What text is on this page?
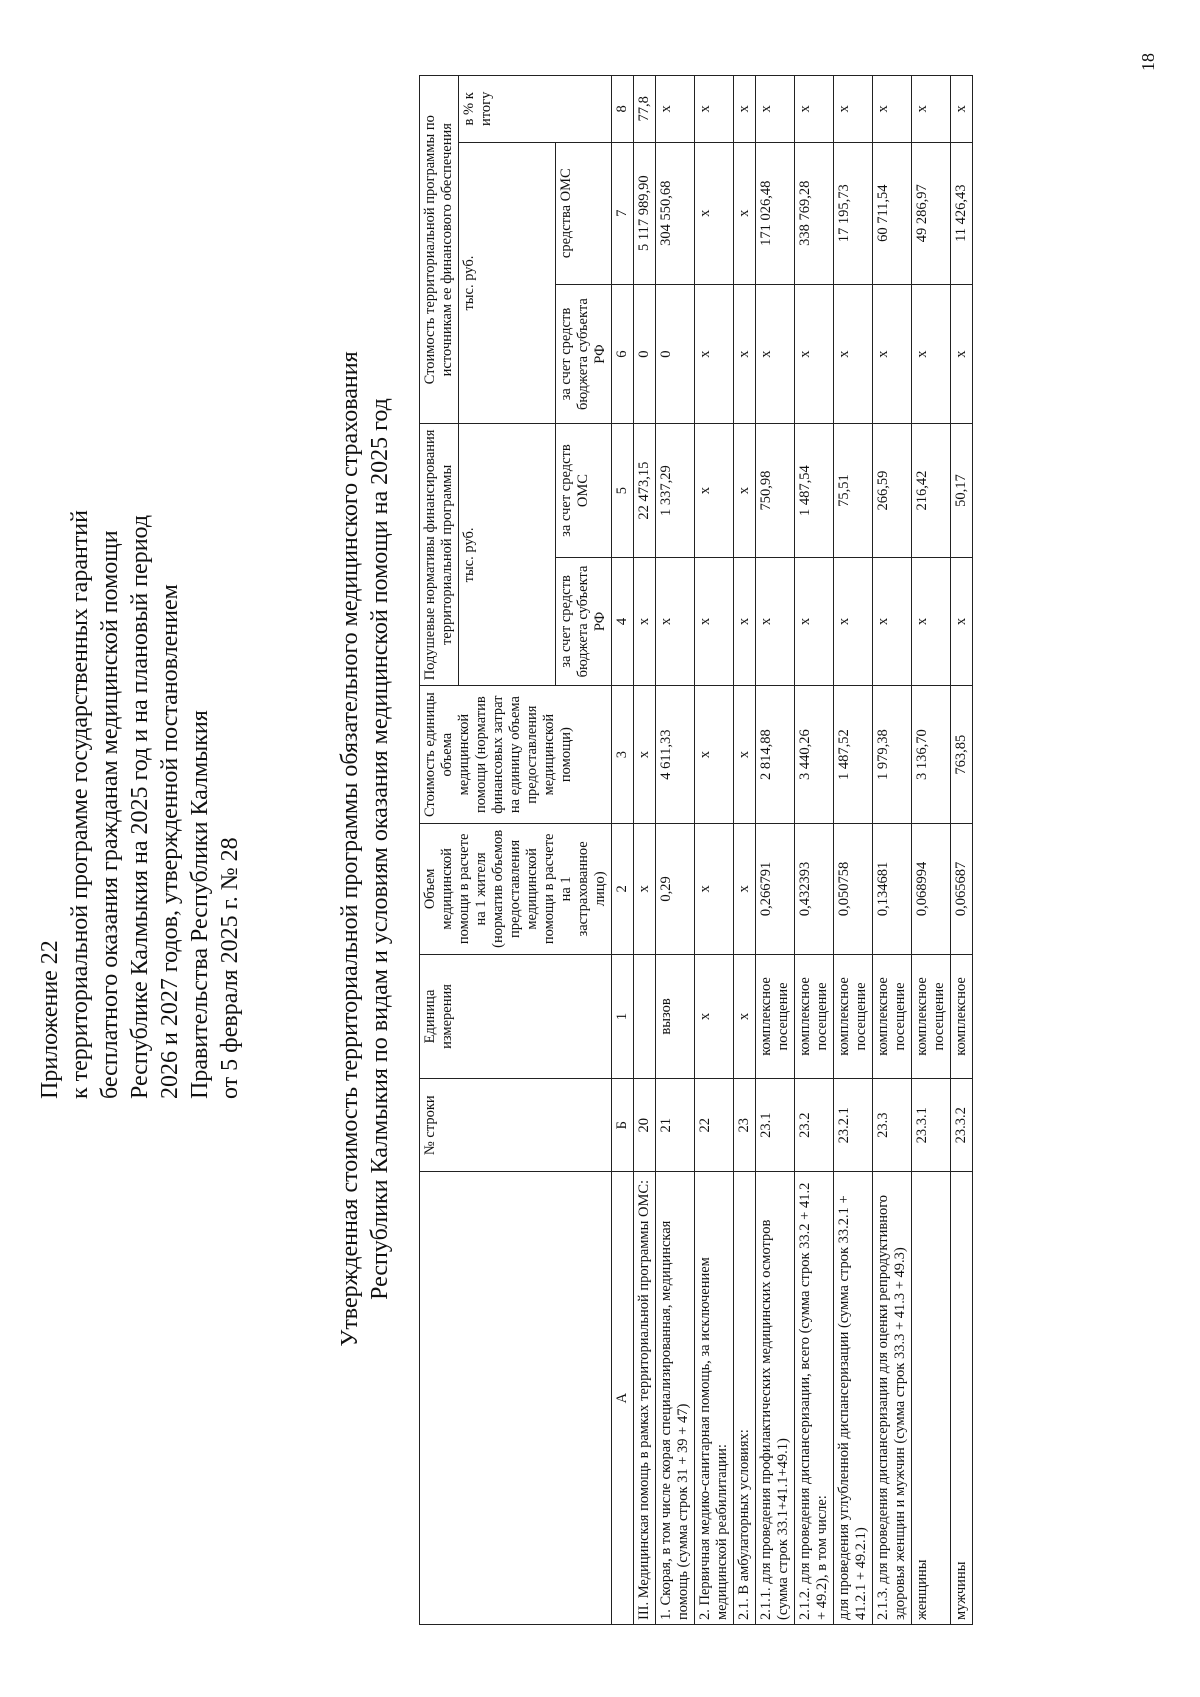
Приложение 22 к территориальной программе государственных гарантий бесплатного оказания гражданам медицинской помощи Республике Калмыкия на 2025 год и на плановый период 2026 и 2027 годов, утвержденной постановлением Правительства Республики Калмыкия от 5 февраля 2025 г. № 28	Утвержденная стоимость территориальной программы обязательного медицинского страхования Республики Калмыкия по видам и условиям оказания медицинской помощи на 2025 год
	№ строки	Единица измерения	Объем медицинской помощи в расчете на 1 жителя (норматив объемов предоставления медицинской помощи в расчете на 1 застрахованное лицо)	Стоимость единицы объема медицинской помощи (норматив финансовых затрат на единицу объема предоставления медицинской помощи)	Подушевые нормативы финансирования территориальной программы		Стоимость территориальной программы по источникам ее финансового обеспечения		
					тыс. руб.		тыс. руб.		в % к итогу
					за счет средств бюджета субъекта РФ	за счет средств ОМС	за счет средств бюджета субъекта РФ	средства ОМС	
А	Б	1	2	3	4	5	6	7	8
III. Медицинская помощь в рамках территориальной программы ОМС:	20		х	х	х	22 473,15	0	5 117 989,90	77,8
1. Скорая, в том числе скорая специализированная, медицинская помощь (сумма строк 31 + 39 + 47)	21	вызов	0,29	4 611,33	х	1 337,29	0	304 550,68	х
2. Первичная медико-санитарная помощь, за исключением медицинской реабилитации:	22	х	х	х	х	х	х	х	х
2.1. В амбулаторных условиях:	23	х	х	х	х	х	х	х	х
2.1.1. для проведения профилактических медицинских осмотров (сумма строк 33.1+41.1+49.1)	23.1	комплексное посещение	0,266791	2 814,88	х	750,98	х	171 026,48	х
2.1.2. для проведения диспансеризации, всего (сумма строк 33.2 + 41.2 + 49.2), в том числе:	23.2	комплексное посещение	0,432393	3 440,26	х	1 487,54	х	338 769,28	х
для проведения углубленной диспансеризации (сумма строк 33.2.1 + 41.2.1 + 49.2.1)	23.2.1	комплексное посещение	0,050758	1 487,52	х	75,51	х	17 195,73	х
2.1.3. для проведения диспансеризации для оценки репродуктивного здоровья женщин и мужчин (сумма строк 33.3 + 41.3 + 49.3)	23.3	комплексное посещение	0,134681	1 979,38	х	266,59	х	60 711,54	х
женщины	23.3.1	комплексное посещение	0,068994	3 136,70	х	216,42	х	49 286,97	х
мужчины	23.3.2	комплексное	0,065687	763,85	х	50,17	х	11 426,43	х
18
